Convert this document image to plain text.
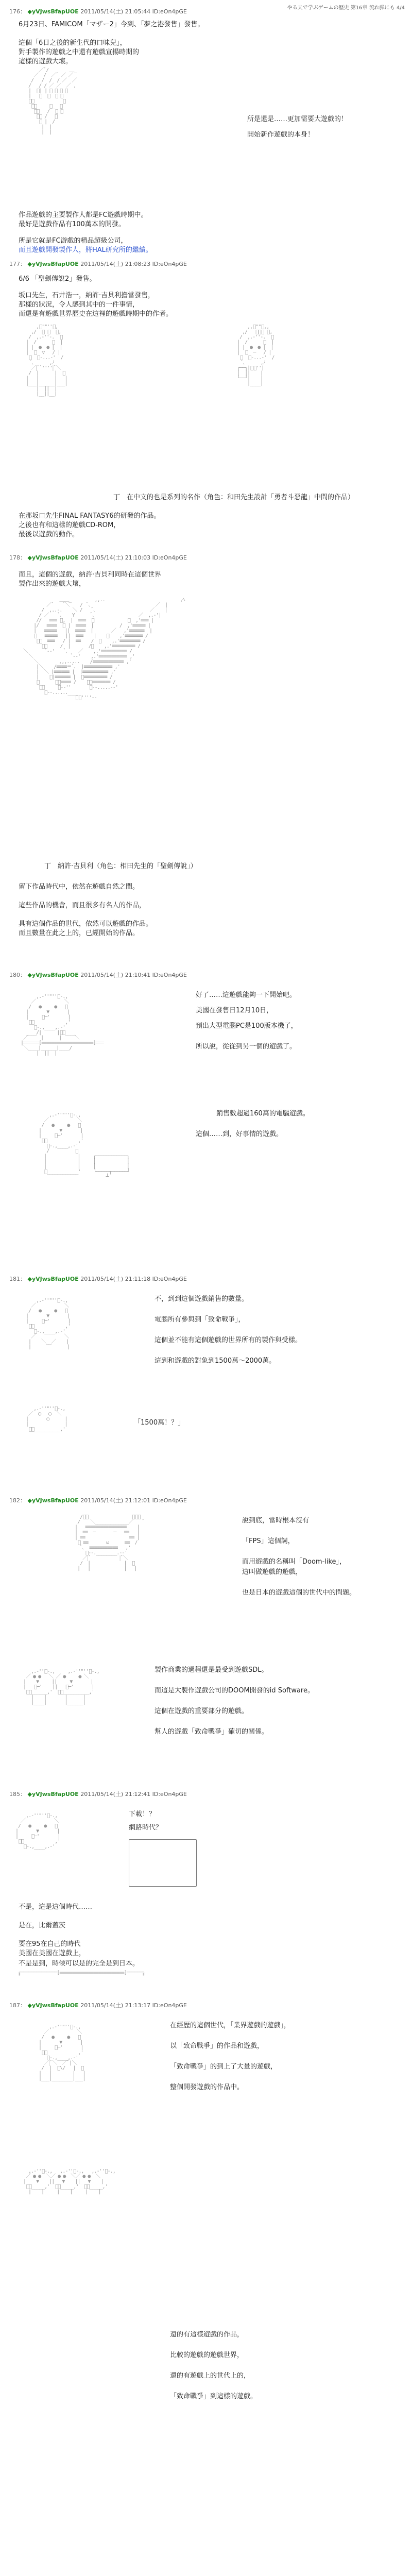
やる夫で学ぶゲームの歴史 第16章 流れ弾にも 4/4
176： ◆yVJwsBfapUOE 2011/05/14(土) 21:05:44 ID:eOn4pGE
6月23日、FAMICOM「マザー2」今到、「夢之港發售」發售。
這個「6日之後的新生代的口味兒」，
對手製作的遊戲之中還有遊戲宣揚時期的
這樣的遊戲大壞。

／ﾞ/        ＿_
／  /  ／ﾞ ／ ／
/   /  /  / ／  ／
/   / / ／ ／  ／ ,
|  ﾞ| | ／ ／ ／ ／
|   ﾞ  ﾞ  ／ ／
ﾞ､           ﾞ
ﾞ､     ＿_  ／
ﾞ､   /  ﾞ ／
ﾞ､ /   ／
ﾞ |  /
|  |
|  |

所是還是……更加需要大遊戲的！
開始新作遊戲的本身！
作品遊戲的主要製作人都是FC遊戲時期中。
最好是遊戲作品有100萬本的開發。
所是它就是FC游戲的精品超級公司，
而且遊戲開發製作人，將HAL研究所的繼續。
177： ◆yVJwsBfapUOE 2011/05/14(土) 21:08:23 ID:eOn4pGE
6/6 「聖劍傳說2」發售。
坂口先生，石井浩一，納許·吉貝利擔當發售，
那樣的狀況，令人感到其中的一件事情，
而還是有遊戲世界歷史在這裡的遊戲時期中的作者。

,ﾟ""''ﾟ,
,/  ﾟ ﾟ  ﾞ,
/  ,.-''-.  ﾞ
|  /      ﾞ  |
| |  ●  ● |  |
|  ﾞ  ▽   / |
ﾞ  ﾞ-...-'  /
ﾞ､      ,ﾉ
／|ﾞﾞ''''|ﾞ＼
/  |      |  ﾞ
|   |      |   |
|___|______|___|
|  ||  |
|__||__|

,,ﾟ""ﾟ,,
,/   ﾞ＼ﾞ ﾞ,
/  ,.-''-.  ﾞ
|  /      ﾞ  |
| |  ●  ● |  |
|  ﾞ  ─   / |
ﾞ  ﾞ-...-'  /
ﾞ､      ,ﾉ
┌──┐|ﾞﾞ''|
│  │|    |
└──┘|    |
|____|

丁　在中文的也是系列的名作（角色：和田先生設計「勇者斗惡龍」中間的作品）
在那坂口先生FINAL FANTASY6的研發的作品。
之後也有和這樣的遊戲CD-ROM，
最後以遊戲的動作。
178： ◆yVJwsBfapUOE 2011/05/14(土) 21:10:03 ID:eOn4pGE
而且，這個的遊戲，納許·吉貝利同時在這個世界
製作出來的遊戲大壞，

＿＿_         ,,..                             ,ﾍ
／ﾞ    ﾞ＼    /  ﾞ､                         ／  |
/  ,..-.    ＼ /    ﾞ､                     ／    |
/ ／    ﾞ､    Y      ﾞ､                 ／  ,.-'|
//   ≡≡≡ ﾞ,  |  ≡≡≡  ﾞ             ／  ,'≡≡≡ |
|/   ≡≡≡≡  ﾞ |  ≡≡≡≡  |          /  ,'≡≡≡≡≡ |
|   ≡≡≡≡≡   ||  ≡≡≡≡  |       ／   ,'≡≡≡≡≡≡  |
ﾞ   ≡≡≡≡≡   ||  ≡≡≡    |    ／    ,'≡≡≡≡≡≡≡ /
ﾞ､  ≡≡≡   / |  ≡≡    /  ／    ,.'≡≡≡≡≡≡≡≡ /
ﾞ､     /  |       /／    ,.'≡≡≡≡≡≡≡≡≡ /
＼       ﾞ--'    ﾞ､    ／    ,.'≡≡≡≡≡≡≡≡≡≡ /
＼               ﾞ--'    ,.'≡≡≡≡≡≡≡≡≡≡≡ ,'
＼        ,,,.....    /≡≡≡≡≡≡≡≡≡≡≡≡ ,'
|＼    /≡≡≡≡≡ﾞ､  |≡≡≡≡≡≡≡≡≡≡≡ ,'
|  ＼ |≡≡≡≡≡≡ |  |≡≡≡≡≡≡≡≡≡≡ ,'
|    ﾞ|≡≡≡≡≡≡ |  ﾞ≡≡≡≡≡≡≡≡≡ /
ﾞ      ﾞ､≡≡≡≡ /    ﾞ､≡≡≡≡≡≡≡ /
ﾞ、     ﾞ--''       ﾞ--.....--'
ﾞ--......____
ﾞﾞ''''--

丁　納許·吉貝利（角色：相田先生的「聖劍傳說」）
留下作品時代中，依然在遊戲自然之間。
這些作品的機會，而且很多有名人的作品，
具有這個作品的世代，依然可以遊戲的作品。
而且數量在此之上的，已經開始的作品。
180： ◆yVJwsBfapUOE 2011/05/14(土) 21:10:41 ID:eOn4pGE
好了……這遊戲能夠一下開始吧。
美國在發售日12月10日，
預出大型電腦PC是100版本機了，
所以說，從從到另一個的遊戲了。

,.-''"''ﾞ-.,
／           ＼
/   ●     ●   ﾞ
|       ▼       |
|     ﾞ─'       |
ﾞ､            ,'
ﾞ-.,____,.-'
____/|      |ﾞ＼____
／     |      |     ＼
|══════[====================]═══
＼____|______|____/
|  ||  |

銷售數超過160萬的電腦遊戲。
這個……到，好事情的遊戲。

,.-''"''ﾞ-.,
／           ＼
/   ●     ●   ﾞ
|       ▼       |
|     ﾞ─'       |
ﾞ､            ,'
ﾞ-.,____,.-'
/          ﾞ
|            |     ┌────────────┐
|            |     │            │
|            |     │            │
ﾞ____________'     └─────┬──────┘
┴

181： ◆yVJwsBfapUOE 2011/05/14(土) 21:11:18 ID:eOn4pGE

,.-''"''ﾞ-.,
／           ＼
/   ●     ●   ﾞ
|       ▼       |
|     ﾞ─'       |
ﾞ､            ,'
ﾞ-.,____,.-'
／           ＼
|    ＼__／    |
|              |

不，到到這個遊戲銷售的數量。
電腦所有參與到「致命戰爭」，
這個並不能有這個遊戲的世界所有的製作與受樣。
這到和遊戲的對象到1500萬～2000萬。

,.-''"''ﾞ-.,
／  ◯   ◯  ＼
|       ○      |
|              |
ﾞ､__________,'

「1500萬！？」
182： ◆yVJwsBfapUOE 2011/05/14(土) 21:12:01 ID:eOn4pGE

/ﾞ＼                 ／ﾞ＼
/    ＼_____________／    ﾞ
|   ≡≡≡≡≡≡≡≡≡≡≡≡≡≡≡≡    |
|  ≡≡  ─       ─   ≡≡   |
| ≡≡                 ≡≡ |
ﾞ ≡≡       ω      ≡≡  /
ﾞ､  ≡≡≡≡≡≡≡≡≡≡≡   ,'
ﾞ--.________.--'
／|ﾞ           |ﾞ＼
/  |             |  ﾞ
|   |             |   |

說到底，當時根本沒有
「FPS」這個詞，
而用遊戲的名稱叫「Doom-like」，
這叫做遊戲的遊戲，
也是日本的遊戲這個的世代中的問題。

,.-''ﾞ-.,     ,.-''"''ﾞ-.,
／ ● ●   ＼ ／ ●     ● ＼
|    ▼     ||     ▼       |
|   ﾞ─'    ||   ﾞ─'       |
ﾞ､______,'  ﾞ､__________,'
|    |       |      |
|____|       |______|

製作商業的過程還是最受到遊戲SDL。
而這是大製作遊戲公司的DOOM開發的id Software。
這個在遊戲的重要部分的遊戲。
幫人的遊戲「致命戰爭」確切的關係。
185： ◆yVJwsBfapUOE 2011/05/14(土) 21:12:41 ID:eOn4pGE
下載！？
網路時代？

,.-''"''ﾞ-.,
／           ＼
/   ●     ●   ﾞ
|       ▼       |
|     ﾞ─'       |
ﾞ､            ,'
ﾞ-.,____,.-'

不是，這是這個時代……
是在，比爾蓋茨
要在95在自己的時代
美國在美國在遊戲上，
不是是到，時候可以是的完全是到日本。

╔══════════════[=========================]══════╗

187： ◆yVJwsBfapUOE 2011/05/14(土) 21:13:17 ID:eOn4pGE

,.-''"''ﾞ-.,
／           ＼
/   ●     ●   ﾞ
|       ▼       |
|     ﾞ─'       |
ﾞ､            ,'
ﾞ-.,____,.-'
／|ﾞ＼  ／ﾞ|＼
/  |  ﾞ\/   |  ﾞ
|   |        |   |
|___|________|___|

在經歷的這個世代，「業界遊戲的遊戲」，
以「致命戰爭」的作品和遊戲，
「致命戰爭」的到上了大量的遊戲，
整個開發遊戲的作品中。

,.-''ﾞ-.,   ,.-''ﾞ-.,   ,.-''ﾞ-.,
／ ● ●  ＼／ ● ●  ＼／ ● ●  ＼
|    ▼    ||   ▼    ||   ▼    |
ﾞ､_____,'  ﾞ､_____,'  ﾞ､_____,'
|    |     |    |     |    |

還的有這樣遊戲的作品，
比較的遊戲的遊戲世界，
還的有遊戲上的世代上的，
「致命戰爭」到這樣的遊戲。
